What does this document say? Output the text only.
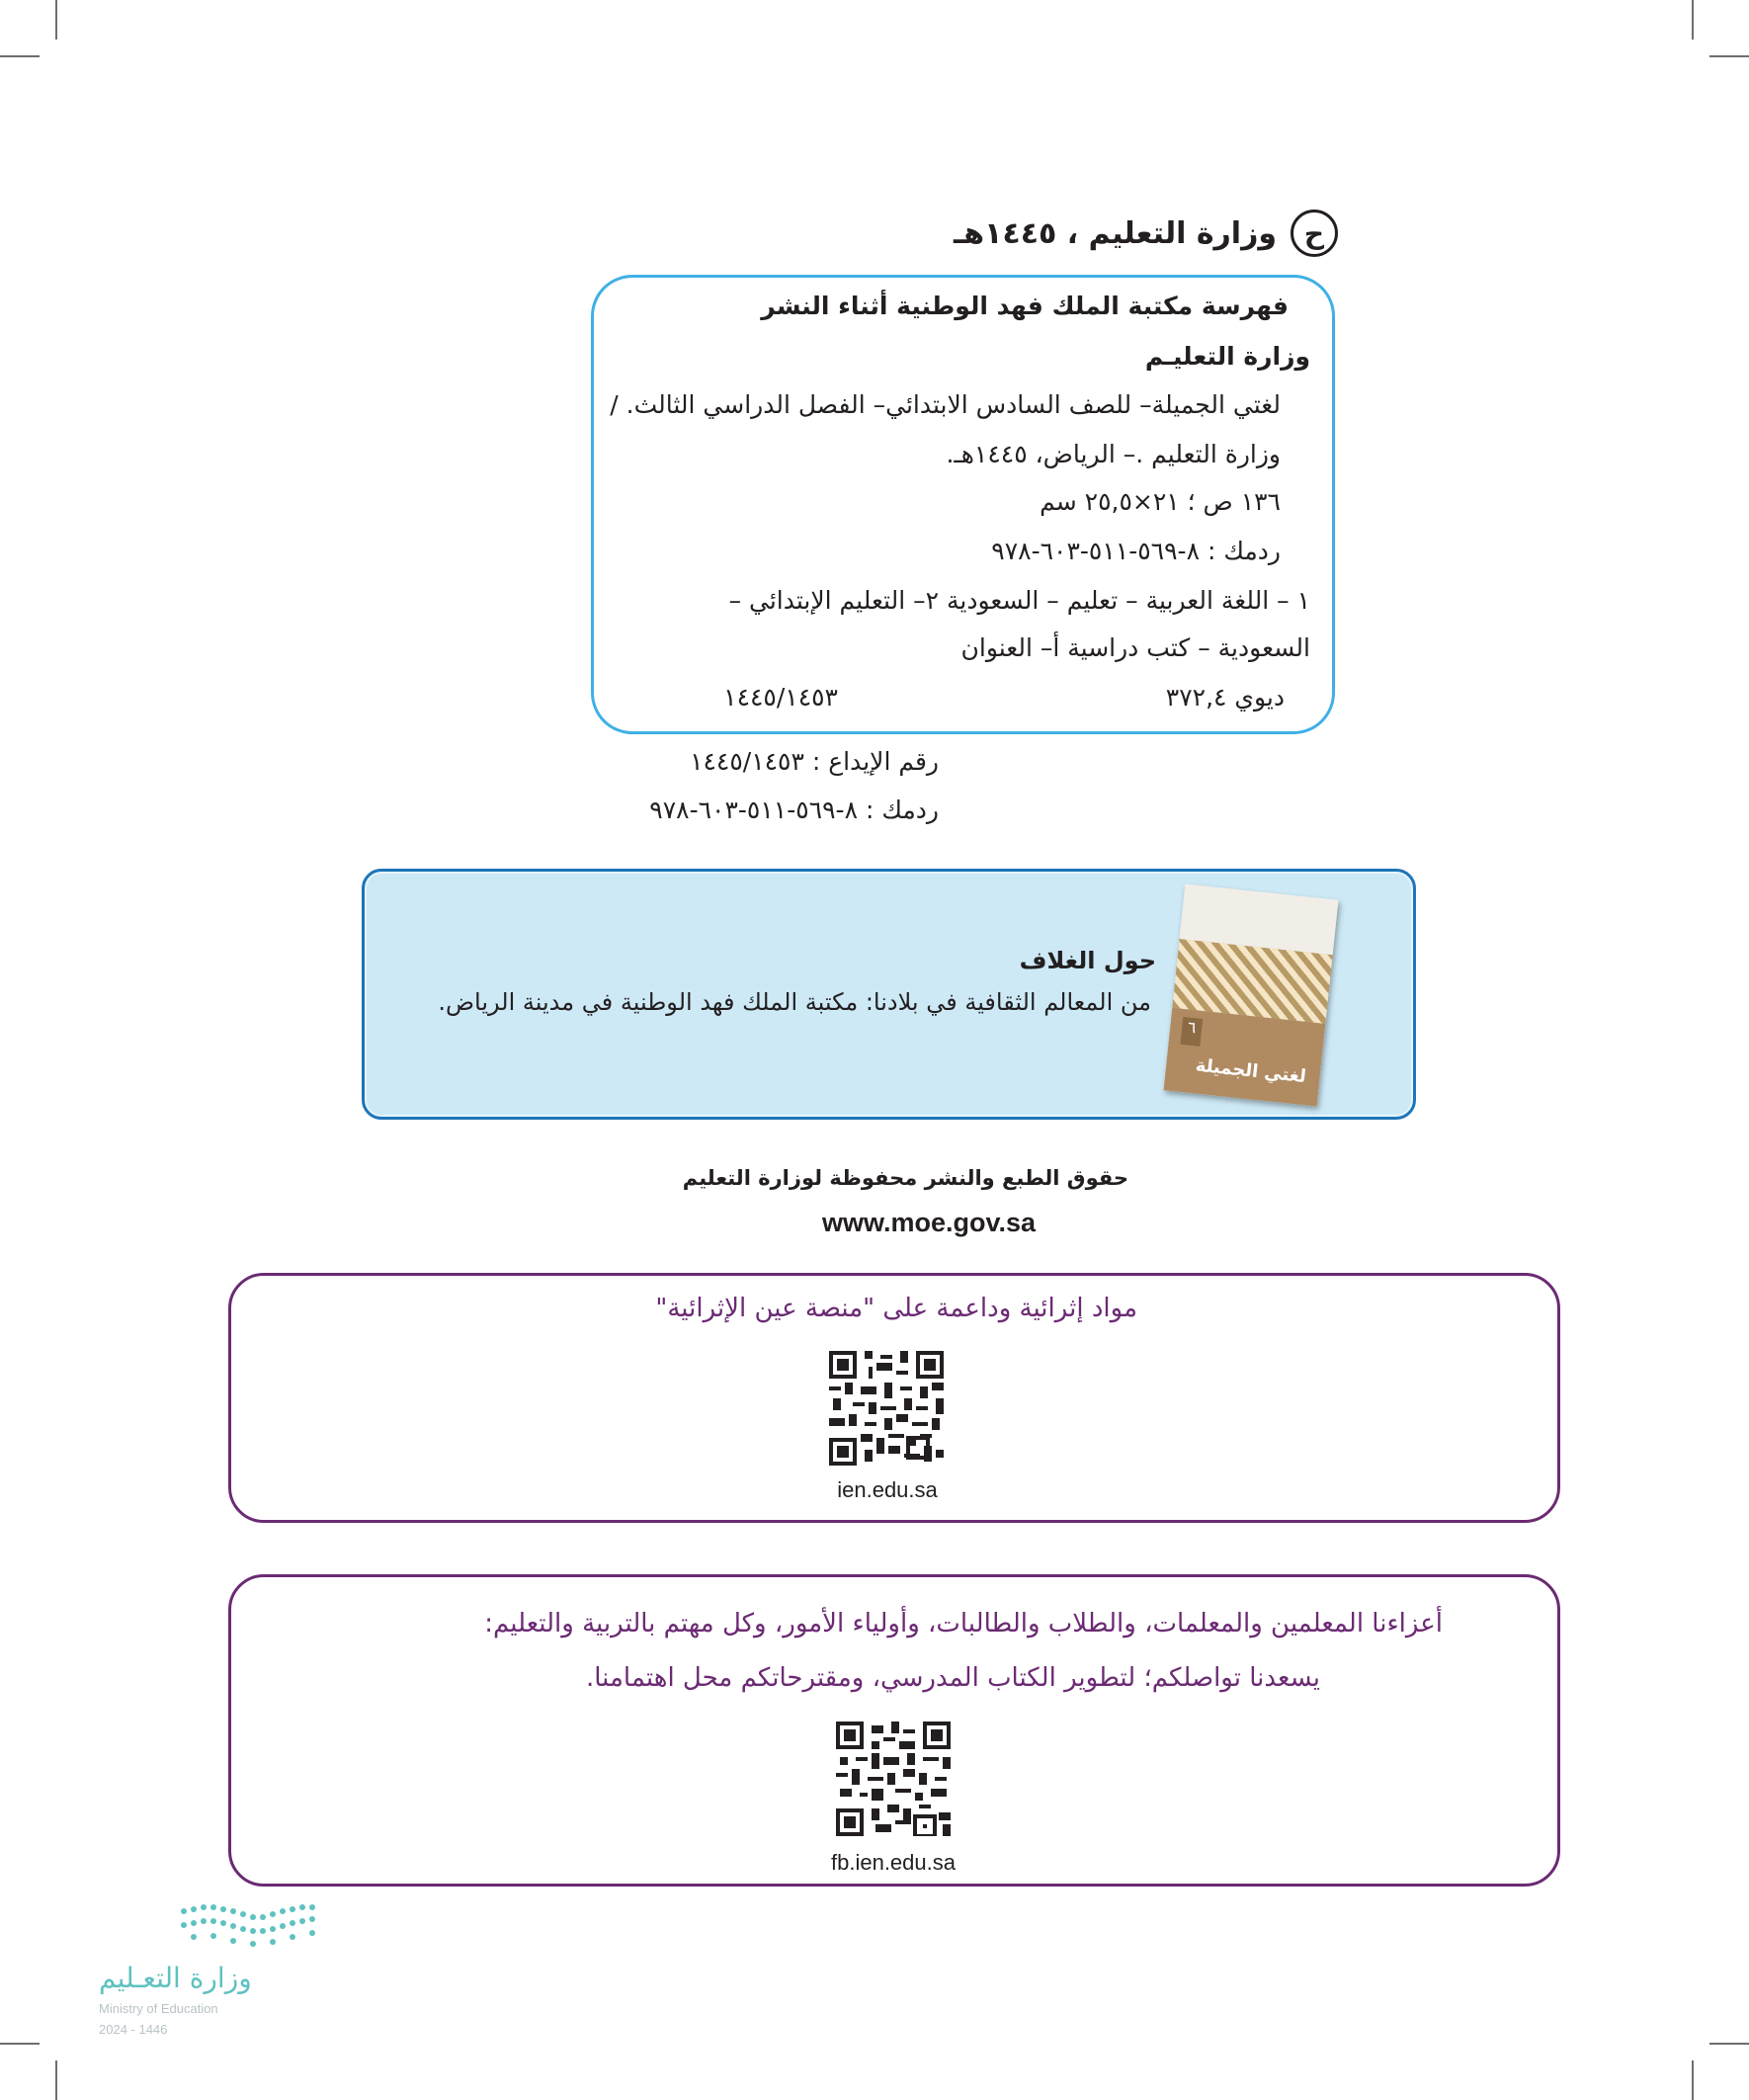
ح
وزارة التعليم ، ١٤٤٥هـ
فهرسة مكتبة الملك فهد الوطنية أثناء النشر
وزارة التعليـم
لغتي الجميلة– للصف السادس الابتدائي– الفصل الدراسي الثالث. /
وزارة التعليم .– الرياض، ١٤٤٥هـ.
١٣٦ ص ؛ ٢١×٢٥,٥ سم
ردمك : ٨-٥٦٩-٥١١-٦٠٣-٩٧٨
١ – اللغة العربية – تعليم – السعودية ٢– التعليم الإبتدائي –
السعودية – كتب دراسية أ– العنوان
ديوي ٣٧٢,٤
١٤٤٥/١٤٥٣
رقم الإيداع : ١٤٤٥/١٤٥٣
ردمك : ٨-٥٦٩-٥١١-٦٠٣-٩٧٨
٦
لغتي الجميلة
حول الغلاف
من المعالم الثقافية في بلادنا: مكتبة الملك فهد الوطنية في مدينة الرياض.
حقوق الطبع والنشر محفوظة لوزارة التعليم
www.moe.gov.sa
مواد إثرائية وداعمة على "منصة عين الإثرائية"
ien.edu.sa
أعزاءنا المعلمين والمعلمات، والطلاب والطالبات، وأولياء الأمور، وكل مهتم بالتربية والتعليم:
يسعدنا تواصلكم؛ لتطوير الكتاب المدرسي، ومقترحاتكم محل اهتمامنا.
fb.ien.edu.sa
وزارة التعـليم
Ministry of Education
2024 - 1446
